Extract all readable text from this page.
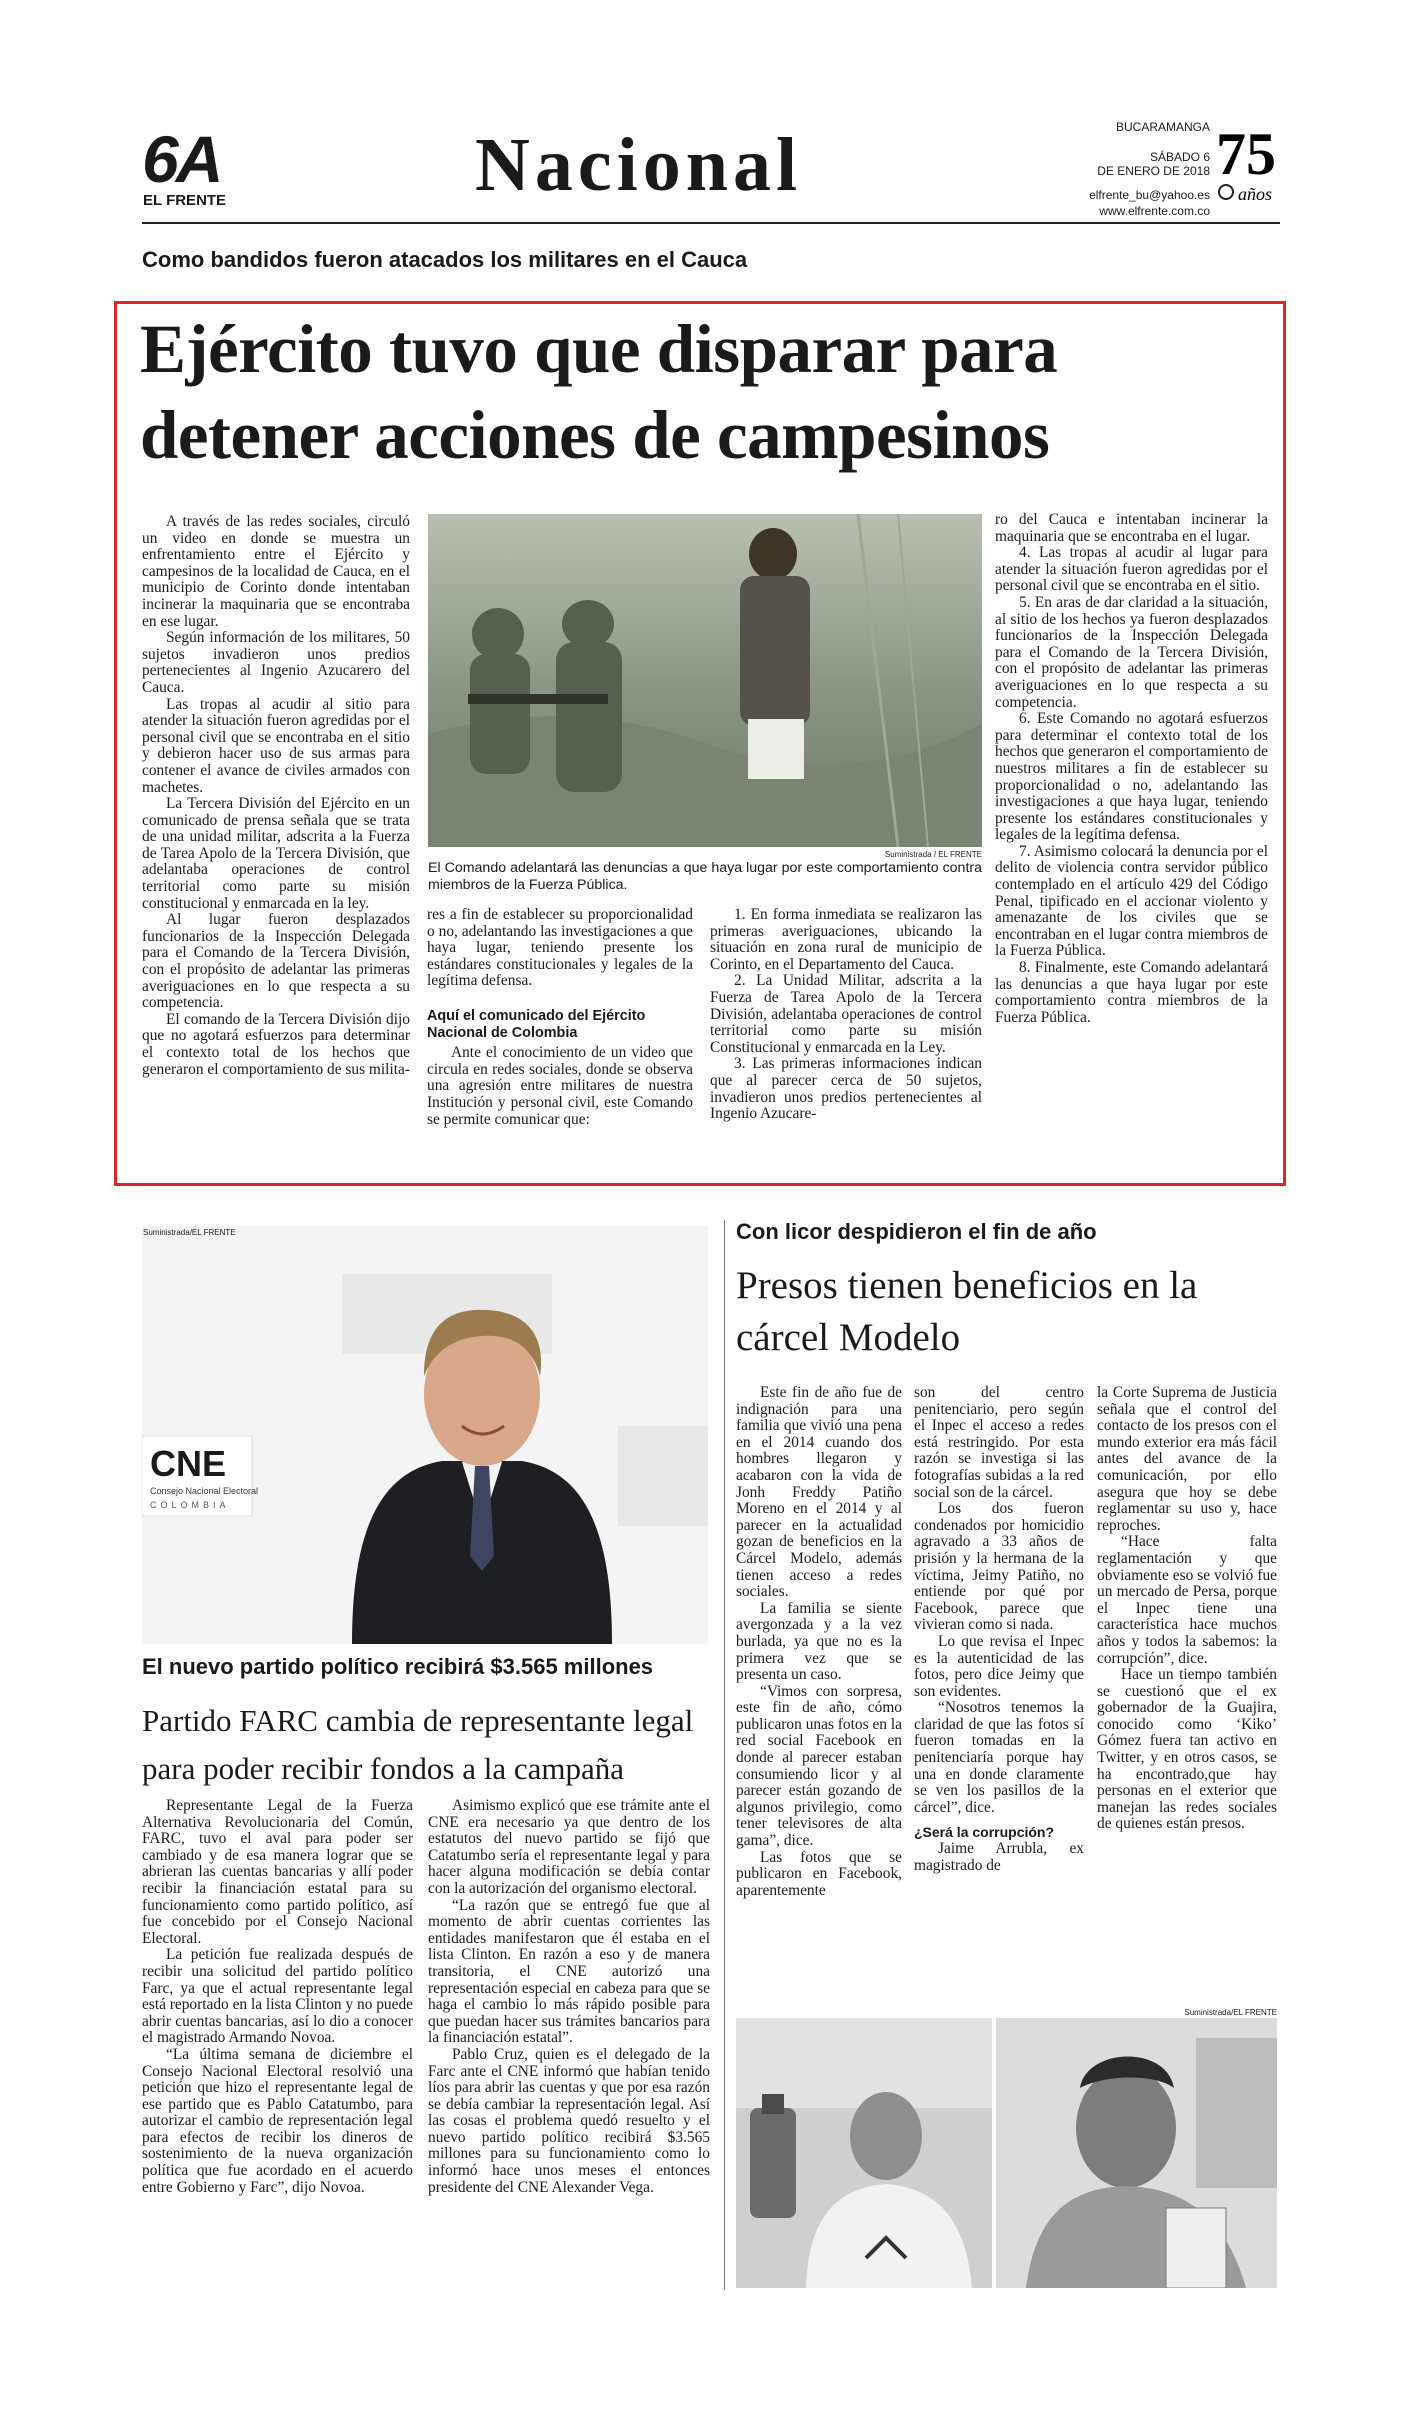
6A
EL FRENTE	Nacional	BUCARAMANGA
SÁBADO 6
DE ENERO DE 2018
elfrente_bu@yahoo.es
www.elfrente.com.co
75
años
Como bandidos fueron atacados los militares en el Cauca
Ejército tuvo que disparar para detener acciones de campesinos

A través de las redes sociales, circuló un video en donde se muestra un enfrentamiento entre el Ejército y campesinos de la localidad de Cauca, en el municipio de Corinto donde intentaban incinerar la maquinaria que se encontraba en ese lugar.

Según información de los militares, 50 sujetos invadieron unos predios pertenecientes al Ingenio Azucarero del Cauca.

Las tropas al acudir al sitio para atender la situación fueron agredidas por el personal civil que se encontraba en el sitio y debieron hacer uso de sus armas para contener el avance de civiles armados con machetes.

La Tercera División del Ejército en un comunicado de prensa señala que se trata de una unidad militar, adscrita a la Fuerza de Tarea Apolo de la Tercera División, que adelantaba operaciones de control territorial como parte su misión constitucional y enmarcada en la ley.

Al lugar fueron desplazados funcionarios de la Inspección Delegada para el Comando de la Tercera División, con el propósito de adelantar las primeras averiguaciones en lo que respecta a su competencia.

El comando de la Tercera División dijo que no agotará esfuerzos para determinar el contexto total de los hechos que generaron el comportamiento de sus milita-

Suministrada / EL FRENTE
El Comando adelantará las denuncias a que haya lugar por este comportamiento contra miembros de la Fuerza Pública.

res a fin de establecer su proporcionalidad o no, adelantando las investigaciones a que haya lugar, teniendo presente los estándares constitucionales y legales de la legítima defensa.

Aquí el comunicado del Ejército Nacional de Colombia

Ante el conocimiento de un video que circula en redes sociales, donde se observa una agresión entre militares de nuestra Institución y personal civil, este Comando se permite comunicar que:

1. En forma inmediata se realizaron las primeras averiguaciones, ubicando la situación en zona rural de municipio de Corinto, en el Departamento del Cauca.

2. La Unidad Militar, adscrita a la Fuerza de Tarea Apolo de la Tercera División, adelantaba operaciones de control territorial como parte su misión Constitucional y enmarcada en la Ley.

3. Las primeras informaciones indican que al parecer cerca de 50 sujetos, invadieron unos predios pertenecientes al Ingenio Azucare-

ro del Cauca e intentaban incinerar la maquinaria que se encontraba en el lugar.

4. Las tropas al acudir al lugar para atender la situación fueron agredidas por el personal civil que se encontraba en el sitio.

5. En aras de dar claridad a la situación, al sitio de los hechos ya fueron desplazados funcionarios de la Inspección Delegada para el Comando de la Tercera División, con el propósito de adelantar las primeras averiguaciones en lo que respecta a su competencia.

6. Este Comando no agotará esfuerzos para determinar el contexto total de los hechos que generaron el comportamiento de nuestros militares a fin de establecer su proporcionalidad o no, adelantando las investigaciones a que haya lugar, teniendo presente los estándares constitucionales y legales de la legítima defensa.

7. Asimismo colocará la denuncia por el delito de violencia contra servidor público contemplado en el artículo 429 del Código Penal, tipificado en el accionar violento y amenazante de los civiles que se encontraban en el lugar contra miembros de la Fuerza Pública.

8. Finalmente, este Comando adelantará las denuncias a que haya lugar por este comportamiento contra miembros de la Fuerza Pública.

CNE
Consejo Nacional Electoral
COLOMBIA
Suministrada/EL FRENTE
El nuevo partido político recibirá $3.565 millones
Partido FARC cambia de representante legal para poder recibir fondos a la campaña

Representante Legal de la Fuerza Alternativa Revolucionaria del Común, FARC, tuvo el aval para poder ser cambiado y de esa manera lograr que se abrieran las cuentas bancarias y allí poder recibir la financiación estatal para su funcionamiento como partido político, así fue concebido por el Consejo Nacional Electoral.

La petición fue realizada después de recibir una solicitud del partido político Farc, ya que el actual representante legal está reportado en la lista Clinton y no puede abrir cuentas bancarias, así lo dio a conocer el magistrado Armando Novoa.

“La última semana de diciembre el Consejo Nacional Electoral resolvió una petición que hizo el representante legal de ese partido que es Pablo Catatumbo, para autorizar el cambio de representación legal para efectos de recibir los dineros de sostenimiento de la nueva organización política que fue acordado en el acuerdo entre Gobierno y Farc”, dijo Novoa.

Asimismo explicó que ese trámite ante el CNE era necesario ya que dentro de los estatutos del nuevo partido se fijó que Catatumbo sería el representante legal y para hacer alguna modificación se debía contar con la autorización del organismo electoral.

“La razón que se entregó fue que al momento de abrir cuentas corrientes las entidades manifestaron que él estaba en el lista Clinton. En razón a eso y de manera transitoria, el CNE autorizó una representación especial en cabeza para que se haga el cambio lo más rápido posible para que puedan hacer sus trámites bancarios para la financiación estatal”.

Pablo Cruz, quien es el delegado de la Farc ante el CNE informó que habían tenido líos para abrir las cuentas y que por esa razón se debía cambiar la representación legal. Así las cosas el problema quedó resuelto y el nuevo partido político recibirá $3.565 millones para su funcionamiento como lo informó hace unos meses el entonces presidente del CNE Alexander Vega.

Con licor despidieron el fin de año
Presos tienen beneficios en la cárcel Modelo

Este fin de año fue de indignación para una familia que vivió una pena en el 2014 cuando dos hombres llegaron y acabaron con la vida de Jonh Freddy Patiño Moreno en el 2014 y al parecer en la actualidad gozan de beneficios en la Cárcel Modelo, además tienen acceso a redes sociales.

La familia se siente avergonzada y a la vez burlada, ya que no es la primera vez que se presenta un caso.

“Vimos con sorpresa, este fin de año, cómo publicaron unas fotos en la red social Facebook en donde al parecer estaban consumiendo licor y al parecer están gozando de algunos privilegio, como tener televisores de alta gama”, dice.

Las fotos que se publicaron en Facebook, aparentemente

son del centro penitenciario, pero según el Inpec el acceso a redes está restringido. Por esta razón se investiga si las fotografías subidas a la red social son de la cárcel.

Los dos fueron condenados por homicidio agravado a 33 años de prisión y la hermana de la víctima, Jeimy Patiño, no entiende por qué por Facebook, parece que vivieran como si nada.

Lo que revisa el Inpec es la autenticidad de las fotos, pero dice Jeimy que son evidentes.

“Nosotros tenemos la claridad de que las fotos sí fueron tomadas en la penitenciaría porque hay una en donde claramente se ven los pasillos de la cárcel”, dice.

¿Será la corrupción?

Jaime Arrubla, ex magistrado de

la Corte Suprema de Justicia señala que el control del contacto de los presos con el mundo exterior era más fácil antes del avance de la comunicación, por ello asegura que hoy se debe reglamentar su uso y, hace reproches.

“Hace falta reglamentación y que obviamente eso se volvió fue un mercado de Persa, porque el Inpec tiene una característica hace muchos años y todos la sabemos: la corrupción”, dice.

Hace un tiempo también se cuestionó que el ex gobernador de la Guajira, conocido como ‘Kiko’ Gómez fuera tan activo en Twitter, y en otros casos, se ha encontrado,que hay personas en el exterior que manejan las redes sociales de quienes están presos.

Suministrada/EL FRENTE
